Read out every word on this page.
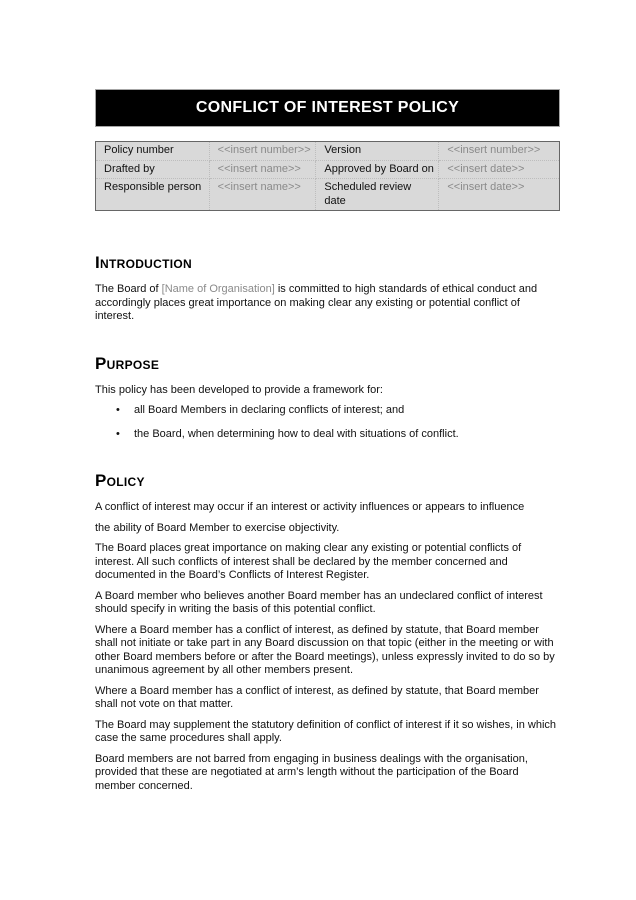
CONFLICT OF INTEREST POLICY
Policy number	<<insert number>>	Version	<<insert number>>
Drafted by	<<insert name>>	Approved by Board on	<<insert date>>
Responsible person	<<insert name>>	Scheduled review date	<<insert date>>
Introduction

The Board of [Name of Organisation] is committed to high standards of ethical conduct and accordingly places great importance on making clear any existing or potential conflict of interest.

Purpose

This policy has been developed to provide a framework for:

• all Board Members in declaring conflicts of interest; and
• the Board, when determining how to deal with situations of conflict.
Policy

A conflict of interest may occur if an interest or activity influences or appears to influence

the ability of Board Member to exercise objectivity.

The Board places great importance on making clear any existing or potential conflicts of interest. All such conflicts of interest shall be declared by the member concerned and documented in the Board’s Conflicts of Interest Register.

A Board member who believes another Board member has an undeclared conflict of interest should specify in writing the basis of this potential conflict.

Where a Board member has a conflict of interest, as defined by statute, that Board member shall not initiate or take part in any Board discussion on that topic (either in the meeting or with other Board members before or after the Board meetings), unless expressly invited to do so by unanimous agreement by all other members present.

Where a Board member has a conflict of interest, as defined by statute, that Board member shall not vote on that matter.

The Board may supplement the statutory definition of conflict of interest if it so wishes, in which case the same procedures shall apply.

Board members are not barred from engaging in business dealings with the organisation, provided that these are negotiated at arm’s length without the participation of the Board member concerned.
